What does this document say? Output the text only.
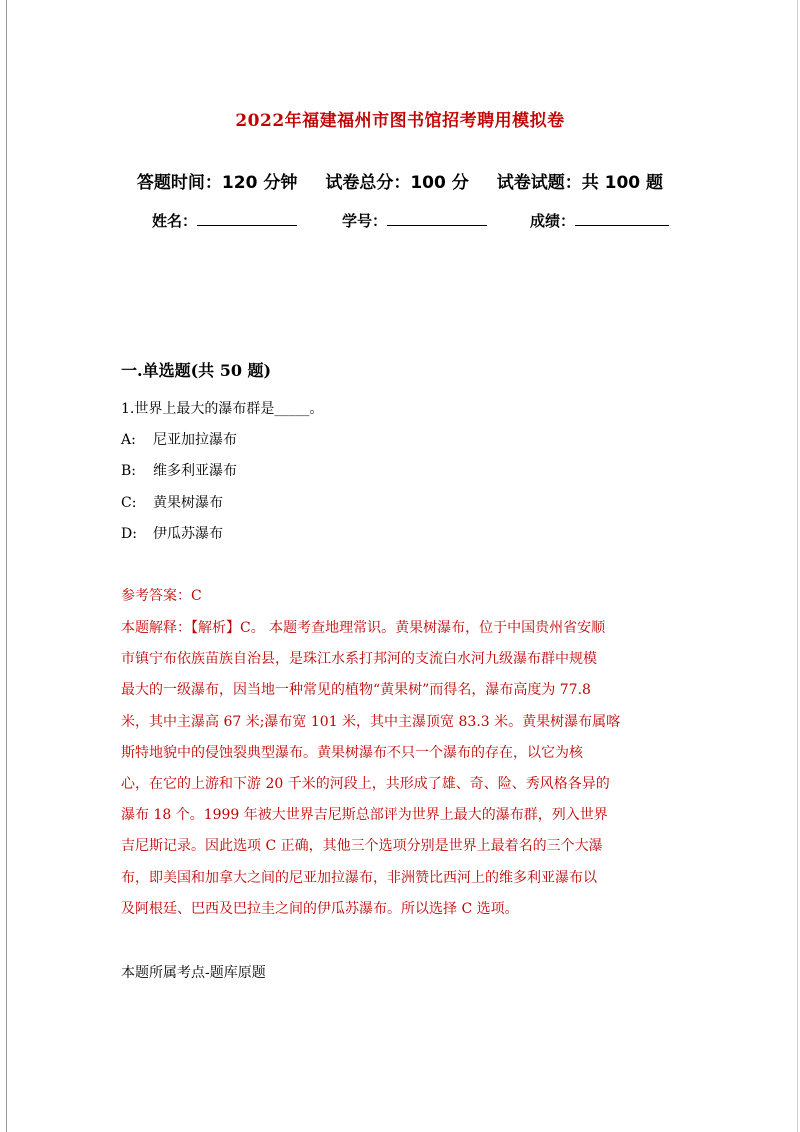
2022年福建福州市图书馆招考聘用模拟卷
答题时间：120 分钟 试卷总分：100 分 试卷试题：共 100 题
姓名：	学号：	成绩：
一.单选题(共 50 题)
1.世界上最大的瀑布群是_____。
A: 尼亚加拉瀑布
B: 维多利亚瀑布
C: 黄果树瀑布
D: 伊瓜苏瀑布
参考答案：C
本题解释：【解析】C。 本题考查地理常识。黄果树瀑布，位于中国贵州省安顺
市镇宁布依族苗族自治县，是珠江水系打邦河的支流白水河九级瀑布群中规模
最大的一级瀑布，因当地一种常见的植物“黄果树”而得名，瀑布高度为 77.8
米，其中主瀑高 67 米;瀑布宽 101 米，其中主瀑顶宽 83.3 米。黄果树瀑布属喀
斯特地貌中的侵蚀裂典型瀑布。黄果树瀑布不只一个瀑布的存在，以它为核
心，在它的上游和下游 20 千米的河段上，共形成了雄、奇、险、秀风格各异的
瀑布 18 个。1999 年被大世界吉尼斯总部评为世界上最大的瀑布群，列入世界
吉尼斯记录。因此选项 C 正确，其他三个选项分别是世界上最着名的三个大瀑
布，即美国和加拿大之间的尼亚加拉瀑布，非洲赞比西河上的维多利亚瀑布以
及阿根廷、巴西及巴拉圭之间的伊瓜苏瀑布。所以选择 C 选项。
本题所属考点-题库原题
